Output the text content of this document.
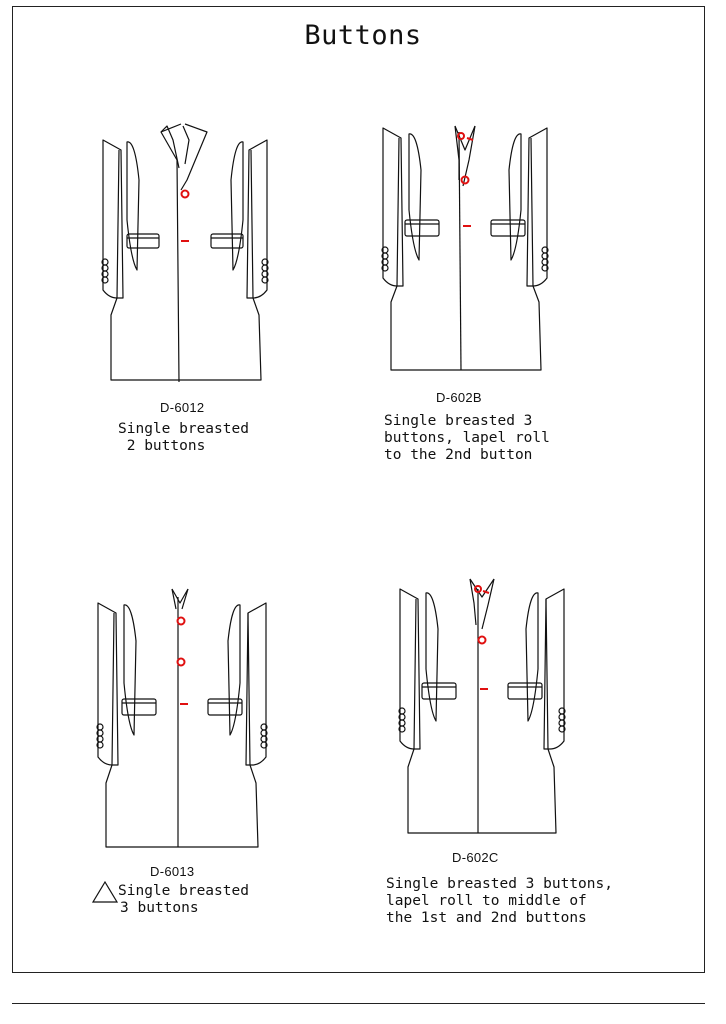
Buttons
D-6012
Single breasted
2 buttons
D-602B
Single breasted 3
buttons, lapel roll
to the 2nd button
D-6013
Single breasted
3 buttons
D-602C
Single breasted 3 buttons,
lapel roll to middle of
the 1st and 2nd buttons
